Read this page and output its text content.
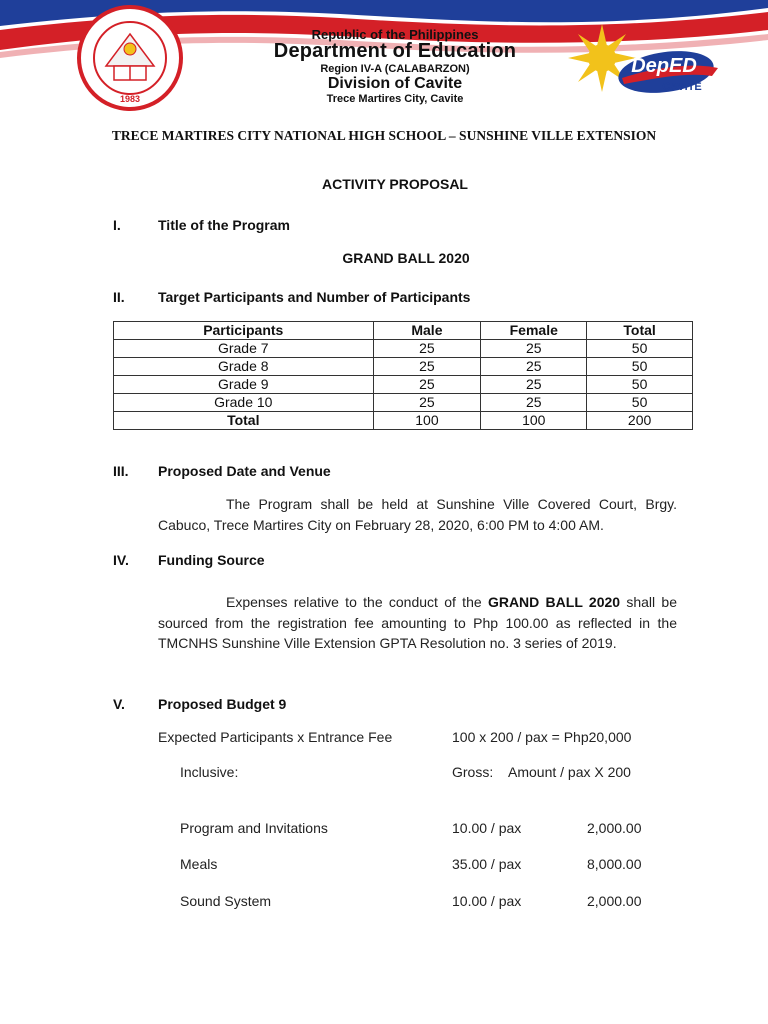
1983
DepED
CAVITE
Republic of the Philippines
Department of Education
Region IV-A (CALABARZON)
Division of Cavite
Trece Martires City, Cavite
TRECE MARTIRES CITY NATIONAL HIGH SCHOOL – SUNSHINE VILLE EXTENSION
ACTIVITY PROPOSAL
I.	Title of the Program
GRAND BALL 2020
II. Target Participants and Number of Participants
Participants	Male	Female	Total
Grade 7	25	25	50
Grade 8	25	25	50
Grade 9	25	25	50
Grade 10	25	25	50
Total	100	100	200
III. Proposed Date and Venue
The Program shall be held at Sunshine Ville Covered Court, Brgy. Cabuco, Trece Martires City on February 28, 2020, 6:00 PM to 4:00 AM.
IV. Funding Source
Expenses relative to the conduct of the GRAND BALL 2020 shall be sourced from the registration fee amounting to Php 100.00 as reflected in the TMCNHS Sunshine Ville Extension GPTA Resolution no. 3 series of 2019.
V. Proposed Budget 9
Expected Participants x Entrance Fee	100 x 200 / pax = Php20,000
Inclusive:	Gross: Amount / pax X 200
Program and Invitations	10.00 / pax	2,000.00
Meals	35.00 / pax	8,000.00
Sound System	10.00 / pax	2,000.00
